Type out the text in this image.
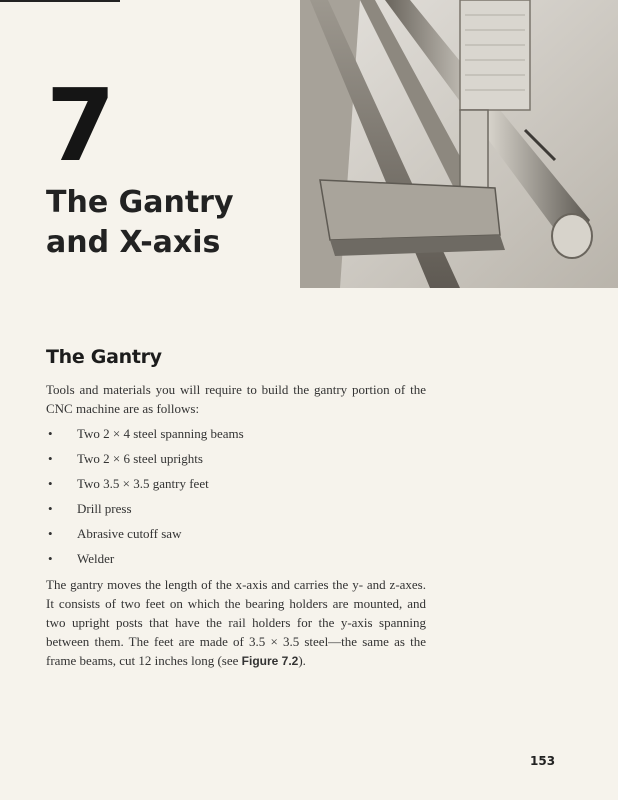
7
The Gantry
and X-axis
The Gantry

Tools and materials you will require to build the gantry portion of the CNC machine are as follows:

• Two 2 × 4 steel spanning beams
• Two 2 × 6 steel uprights
• Two 3.5 × 3.5 gantry feet
• Drill press
• Abrasive cutoff saw
• Welder

The gantry moves the length of the x-axis and carries the y- and z-axes. It consists of two feet on which the bearing holders are mounted, and two upright posts that have the rail holders for the y-axis spanning between them. The feet are made of 3.5 × 3.5 steel—the same as the frame beams, cut 12 inches long (see Figure 7.2).

153
